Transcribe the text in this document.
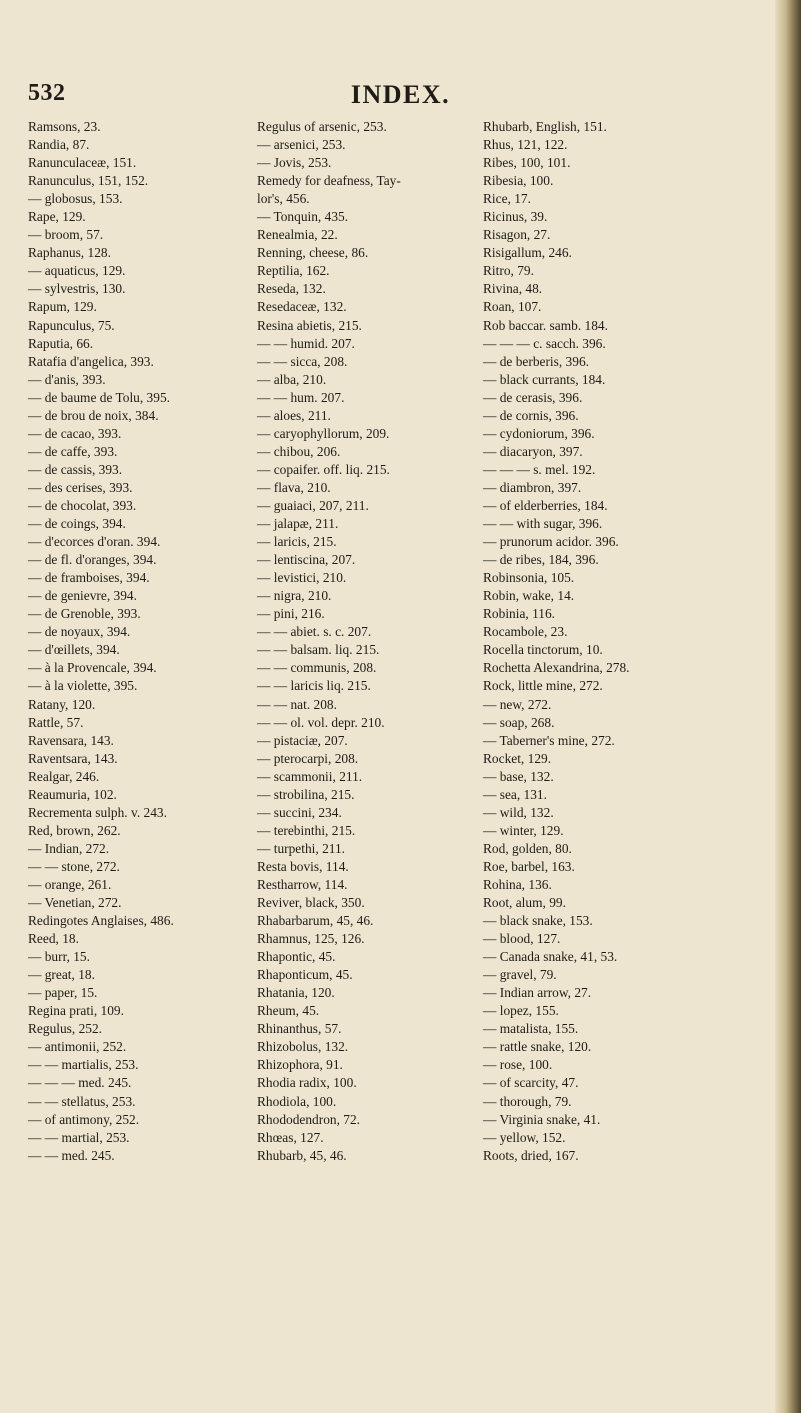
532	INDEX.
Ramsons, 23.
Randia, 87.
Ranunculaceæ, 151.
Ranunculus, 151, 152.
— globosus, 153.
Rape, 129.
— broom, 57.
Raphanus, 128.
— aquaticus, 129.
— sylvestris, 130.
Rapum, 129.
Rapunculus, 75.
Raputia, 66.
Ratafia d'angelica, 393.
— d'anis, 393.
— de baume de Tolu, 395.
— de brou de noix, 384.
— de cacao, 393.
— de caffe, 393.
— de cassis, 393.
— des cerises, 393.
— de chocolat, 393.
— de coings, 394.
— d'ecorces d'oran. 394.
— de fl. d'oranges, 394.
— de framboises, 394.
— de genievre, 394.
— de Grenoble, 393.
— de noyaux, 394.
— d'œillets, 394.
— à la Provencale, 394.
— à la violette, 395.
Ratany, 120.
Rattle, 57.
Ravensara, 143.
Raventsara, 143.
Realgar, 246.
Reaumuria, 102.
Recrementa sulph. v. 243.
Red, brown, 262.
— Indian, 272.
— — stone, 272.
— orange, 261.
— Venetian, 272.
Redingotes Anglaises, 486.
Reed, 18.
— burr, 15.
— great, 18.
— paper, 15.
Regina prati, 109.
Regulus, 252.
— antimonii, 252.
— — martialis, 253.
— — — med. 245.
— — stellatus, 253.
— of antimony, 252.
— — martial, 253.
— — med. 245.
Regulus of arsenic, 253.
— arsenici, 253.
— Jovis, 253.
Remedy for deafness, Tay-
lor's, 456.
— Tonquin, 435.
Renealmia, 22.
Renning, cheese, 86.
Reptilia, 162.
Reseda, 132.
Resedaceæ, 132.
Resina abietis, 215.
— — humid. 207.
— — sicca, 208.
— alba, 210.
— — hum. 207.
— aloes, 211.
— caryophyllorum, 209.
— chibou, 206.
— copaifer. off. liq. 215.
— flava, 210.
— guaiaci, 207, 211.
— jalapæ, 211.
— laricis, 215.
— lentiscina, 207.
— levistici, 210.
— nigra, 210.
— pini, 216.
— — abiet. s. c. 207.
— — balsam. liq. 215.
— — communis, 208.
— — laricis liq. 215.
— — nat. 208.
— — ol. vol. depr. 210.
— pistaciæ, 207.
— pterocarpi, 208.
— scammonii, 211.
— strobilina, 215.
— succini, 234.
— terebinthi, 215.
— turpethi, 211.
Resta bovis, 114.
Restharrow, 114.
Reviver, black, 350.
Rhabarbarum, 45, 46.
Rhamnus, 125, 126.
Rhapontic, 45.
Rhaponticum, 45.
Rhatania, 120.
Rheum, 45.
Rhinanthus, 57.
Rhizobolus, 132.
Rhizophora, 91.
Rhodia radix, 100.
Rhodiola, 100.
Rhododendron, 72.
Rhœas, 127.
Rhubarb, 45, 46.
Rhubarb, English, 151.
Rhus, 121, 122.
Ribes, 100, 101.
Ribesia, 100.
Rice, 17.
Ricinus, 39.
Risagon, 27.
Risigallum, 246.
Ritro, 79.
Rivina, 48.
Roan, 107.
Rob baccar. samb. 184.
— — — c. sacch. 396.
— de berberis, 396.
— black currants, 184.
— de cerasis, 396.
— de cornis, 396.
— cydoniorum, 396.
— diacaryon, 397.
— — — s. mel. 192.
— diambron, 397.
— of elderberries, 184.
— — with sugar, 396.
— prunorum acidor. 396.
— de ribes, 184, 396.
Robinsonia, 105.
Robin, wake, 14.
Robinia, 116.
Rocambole, 23.
Rocella tinctorum, 10.
Rochetta Alexandrina, 278.
Rock, little mine, 272.
— new, 272.
— soap, 268.
— Taberner's mine, 272.
Rocket, 129.
— base, 132.
— sea, 131.
— wild, 132.
— winter, 129.
Rod, golden, 80.
Roe, barbel, 163.
Rohina, 136.
Root, alum, 99.
— black snake, 153.
— blood, 127.
— Canada snake, 41, 53.
— gravel, 79.
— Indian arrow, 27.
— lopez, 155.
— matalista, 155.
— rattle snake, 120.
— rose, 100.
— of scarcity, 47.
— thorough, 79.
— Virginia snake, 41.
— yellow, 152.
Roots, dried, 167.
